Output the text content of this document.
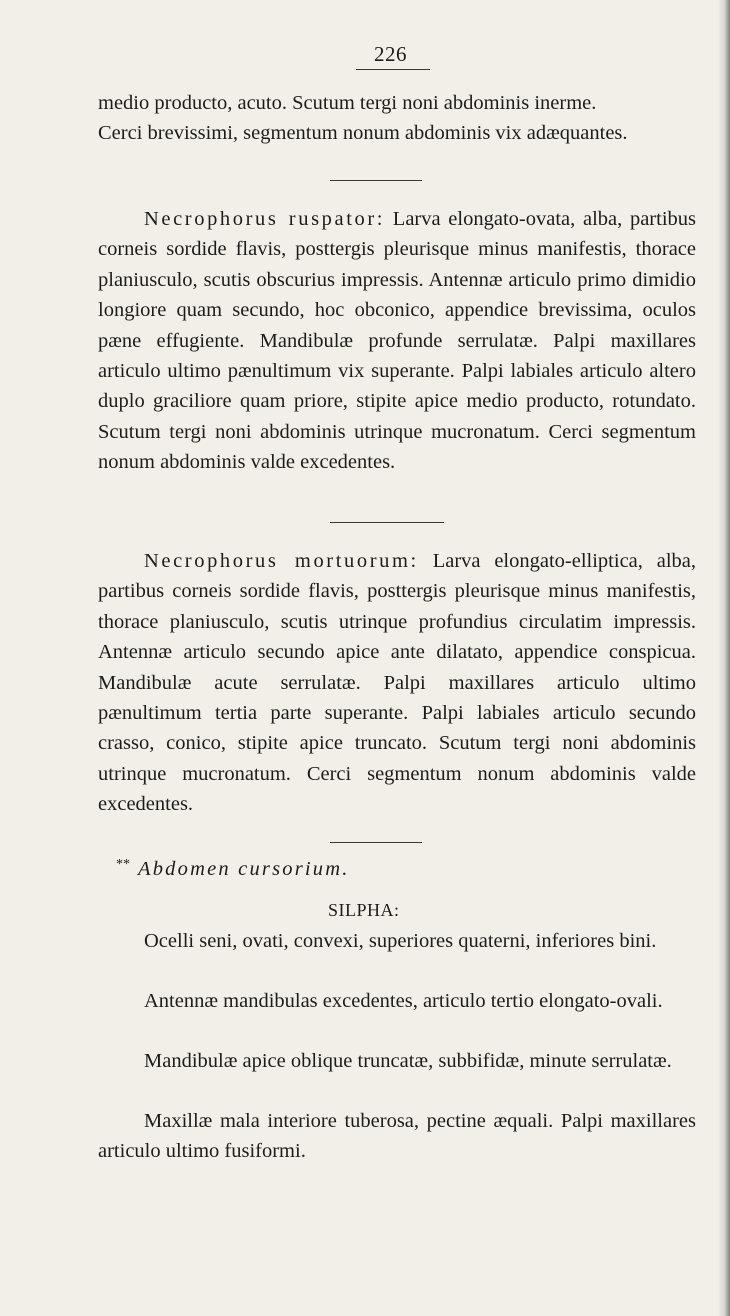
226

medio producto, acuto. Scutum tergi noni abdominis inerme.

Cerci brevissimi, segmentum nonum abdominis vix adæquantes.

Necrophorus ruspator: Larva elongato-ovata, alba, partibus corneis sordide flavis, posttergis pleurisque minus manifestis, thorace planiusculo, scutis obscurius impressis. Antennæ articulo primo dimidio longiore quam secundo, hoc obconico, appendice brevissima, oculos pæne effugiente. Mandibulæ profunde serrulatæ. Palpi maxillares articulo ultimo pænultimum vix superante. Palpi labiales articulo altero duplo graciliore quam priore, stipite apice medio producto, rotundato. Scutum tergi noni abdominis utrinque mucronatum. Cerci segmentum nonum abdominis valde excedentes.

Necrophorus mortuorum: Larva elongato-elliptica, alba, partibus corneis sordide flavis, posttergis pleurisque minus manifestis, thorace planiusculo, scutis utrinque profundius circulatim impressis. Antennæ articulo secundo apice ante dilatato, appendice conspicua. Mandibulæ acute serrulatæ. Palpi maxillares articulo ultimo pænultimum tertia parte superante. Palpi labiales articulo secundo crasso, conico, stipite apice truncato. Scutum tergi noni abdominis utrinque mucronatum. Cerci segmentum nonum abdominis valde excedentes.

** Abdomen cursorium.
SILPHA:

Ocelli seni, ovati, convexi, superiores quaterni, inferiores bini.

Antennæ mandibulas excedentes, articulo tertio elongato-ovali.

Mandibulæ apice oblique truncatæ, subbifidæ, minute serrulatæ.

Maxillæ mala interiore tuberosa, pectine æquali. Palpi maxillares articulo ultimo fusiformi.
